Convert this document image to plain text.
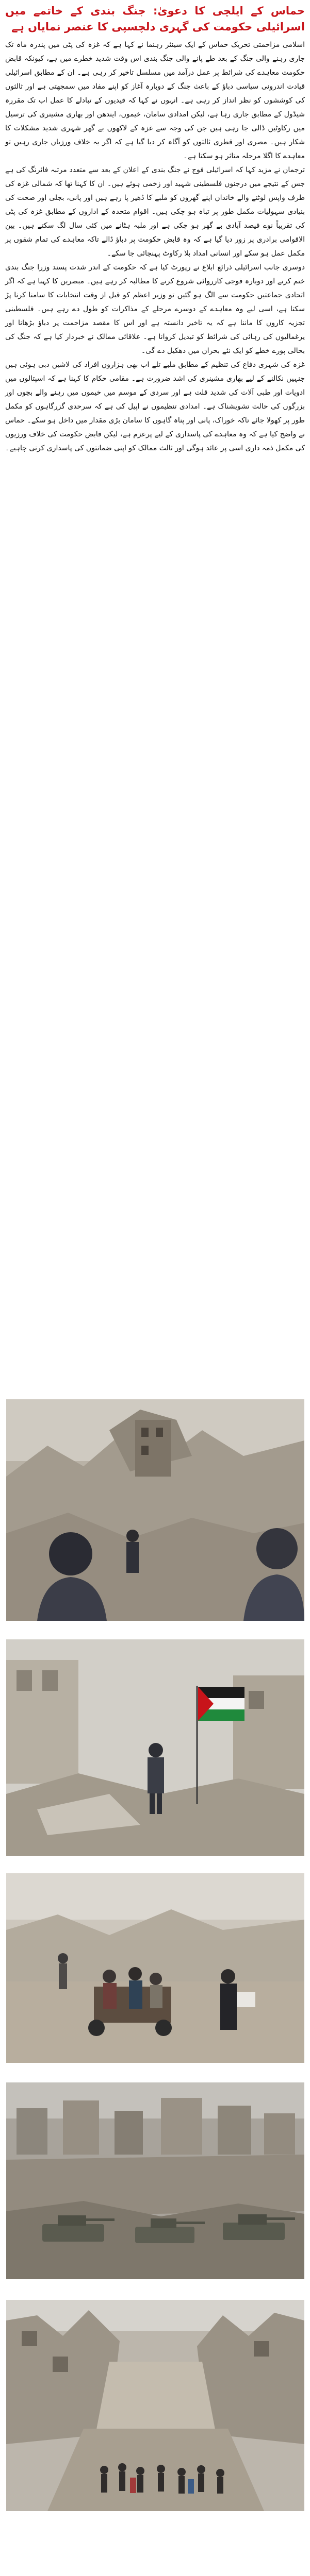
حماس کے ایلچی کا دعویٰ: جنگ بندی کے خاتمے میں اسرائیلی حکومت کی گہری دلچسپی کا عنصر نمایاں ہے

اسلامی مزاحمتی تحریک حماس کے ایک سینئر رہنما نے کہا ہے کہ غزہ کی پٹی میں پندرہ ماہ تک جاری رہنے والی جنگ کے بعد طے پانے والی جنگ بندی اس وقت شدید خطرے میں ہے، کیونکہ قابض حکومت معاہدے کی شرائط پر عمل درآمد میں مسلسل تاخیر کر رہی ہے۔ ان کے مطابق اسرائیلی قیادت اندرونی سیاسی دباؤ کے باعث جنگ کے دوبارہ آغاز کو اپنے مفاد میں سمجھتی ہے اور ثالثوں کی کوششوں کو نظر انداز کر رہی ہے۔ انہوں نے کہا کہ قیدیوں کے تبادلے کا عمل اب تک مقررہ شیڈول کے مطابق جاری رہا ہے، لیکن امدادی سامان، خیموں، ایندھن اور بھاری مشینری کی ترسیل میں رکاوٹیں ڈالی جا رہی ہیں جن کی وجہ سے غزہ کے لاکھوں بے گھر شہری شدید مشکلات کا شکار ہیں۔ مصری اور قطری ثالثوں کو آگاہ کر دیا گیا ہے کہ اگر یہ خلاف ورزیاں جاری رہیں تو معاہدے کا اگلا مرحلہ متاثر ہو سکتا ہے۔

ترجمان نے مزید کہا کہ اسرائیلی فوج نے جنگ بندی کے اعلان کے بعد سے متعدد مرتبہ فائرنگ کی ہے جس کے نتیجے میں درجنوں فلسطینی شہید اور زخمی ہوئے ہیں۔ ان کا کہنا تھا کہ شمالی غزہ کی طرف واپس لوٹنے والے خاندان اپنے گھروں کو ملبے کا ڈھیر پا رہے ہیں اور پانی، بجلی اور صحت کی بنیادی سہولیات مکمل طور پر تباہ ہو چکی ہیں۔ اقوام متحدہ کے اداروں کے مطابق غزہ کی پٹی کی تقریباً نوے فیصد آبادی بے گھر ہو چکی ہے اور ملبہ ہٹانے میں کئی سال لگ سکتے ہیں۔ بین الاقوامی برادری پر زور دیا گیا ہے کہ وہ قابض حکومت پر دباؤ ڈالے تاکہ معاہدے کی تمام شقوں پر مکمل عمل ہو سکے اور انسانی امداد بلا رکاوٹ پہنچائی جا سکے۔

دوسری جانب اسرائیلی ذرائع ابلاغ نے رپورٹ کیا ہے کہ حکومت کے اندر شدت پسند وزرا جنگ بندی ختم کرنے اور دوبارہ فوجی کارروائی شروع کرنے کا مطالبہ کر رہے ہیں۔ مبصرین کا کہنا ہے کہ اگر اتحادی جماعتیں حکومت سے الگ ہو گئیں تو وزیر اعظم کو قبل از وقت انتخابات کا سامنا کرنا پڑ سکتا ہے، اسی لیے وہ معاہدے کے دوسرے مرحلے کے مذاکرات کو طول دے رہے ہیں۔ فلسطینی تجزیہ کاروں کا ماننا ہے کہ یہ تاخیر دانستہ ہے اور اس کا مقصد مزاحمت پر دباؤ بڑھانا اور یرغمالیوں کی رہائی کی شرائط کو تبدیل کروانا ہے۔ علاقائی ممالک نے خبردار کیا ہے کہ جنگ کی بحالی پورے خطے کو ایک نئے بحران میں دھکیل دے گی۔

غزہ کی شہری دفاع کی تنظیم کے مطابق ملبے تلے اب بھی ہزاروں افراد کی لاشیں دبی ہوئی ہیں جنہیں نکالنے کے لیے بھاری مشینری کی اشد ضرورت ہے۔ مقامی حکام کا کہنا ہے کہ اسپتالوں میں ادویات اور طبی آلات کی شدید قلت ہے اور سردی کے موسم میں خیموں میں رہنے والے بچوں اور بزرگوں کی حالت تشویشناک ہے۔ امدادی تنظیموں نے اپیل کی ہے کہ سرحدی گزرگاہوں کو مکمل طور پر کھولا جائے تاکہ خوراک، پانی اور پناہ گاہوں کا سامان بڑی مقدار میں داخل ہو سکے۔ حماس نے واضح کیا ہے کہ وہ معاہدے کی پاسداری کے لیے پرعزم ہے، لیکن قابض حکومت کی خلاف ورزیوں کی مکمل ذمہ داری اسی پر عائد ہوگی اور ثالث ممالک کو اپنی ضمانتوں کی پاسداری کرنی چاہیے۔
